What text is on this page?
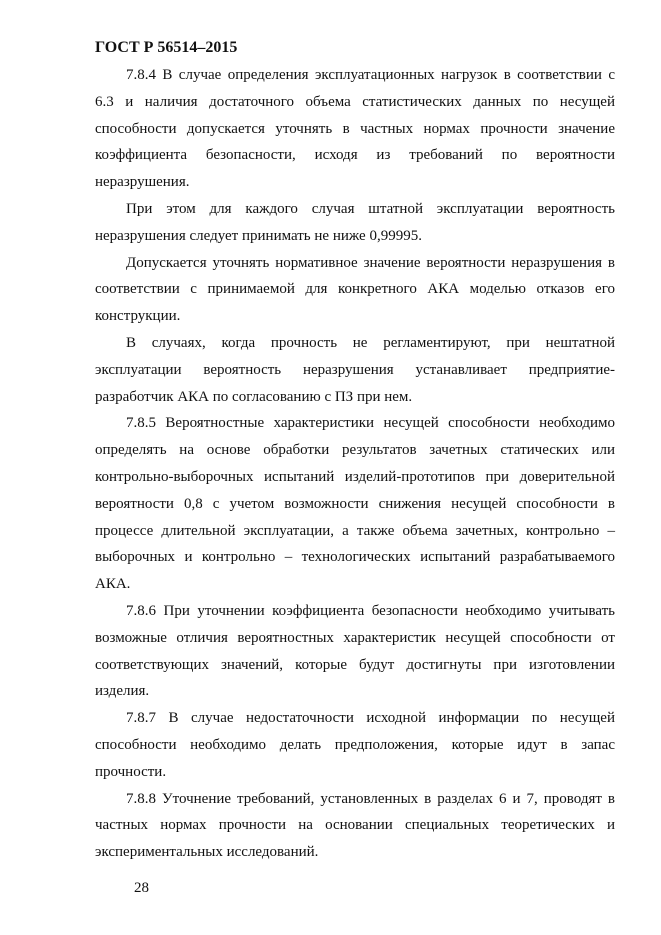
ГОСТ Р 56514–2015

7.8.4 В случае определения эксплуатационных нагрузок в соответствии с 6.3 и наличия достаточного объема статистических данных по несущей способности допускается уточнять в частных нормах прочности значение коэффициента безопасности, исходя из требований по вероятности неразрушения.

При этом для каждого случая штатной эксплуатации вероятность неразрушения следует принимать не ниже 0,99995.

Допускается уточнять нормативное значение вероятности неразрушения в соответствии с принимаемой для конкретного АКА моделью отказов его конструкции.

В случаях, когда прочность не регламентируют, при нештатной эксплуатации вероятность неразрушения устанавливает предприятие-разработчик АКА по согласованию с ПЗ при нем.

7.8.5 Вероятностные характеристики несущей способности необходимо определять на основе обработки результатов зачетных статических или контрольно-выборочных испытаний изделий-прототипов при доверительной вероятности 0,8 с учетом возможности снижения несущей способности в процессе длительной эксплуатации, а также объема зачетных, контрольно – выборочных и контрольно – технологических испытаний разрабатываемого АКА.

7.8.6 При уточнении коэффициента безопасности необходимо учитывать возможные отличия вероятностных характеристик несущей способности от соответствующих значений, которые будут достигнуты при изготовлении изделия.

7.8.7 В случае недостаточности исходной информации по несущей способности необходимо делать предположения, которые идут в запас прочности.

7.8.8 Уточнение требований, установленных в разделах 6 и 7, проводят в частных нормах прочности на основании специальных теоретических и экспериментальных исследований.

28
